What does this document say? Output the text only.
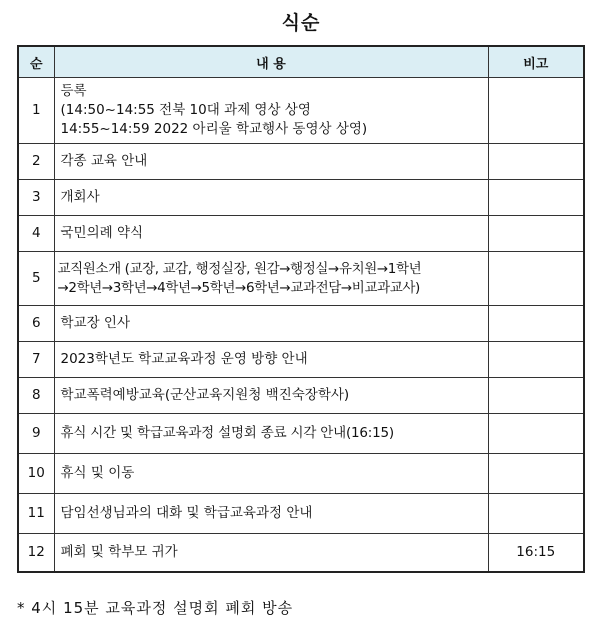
식순
순	내 용	비고
1	등록
(14:50~14:55 전북 10대 과제 영상 상영
14:55~14:59 2022 아리울 학교행사 동영상 상영)	
2	각종 교육 안내	
3	개회사	
4	국민의례 약식	
5	교직원소개 (교장, 교감, 행정실장, 원감→행정실→유치원→1학년
→2학년→3학년→4학년→5학년→6학년→교과전담→비교과교사)	
6	학교장 인사	
7	2023학년도 학교교육과정 운영 방향 안내	
8	학교폭력예방교육(군산교육지원청 백진숙장학사)	
9	휴식 시간 및 학급교육과정 설명회 종료 시각 안내(16:15)	
10	휴식 및 이동	
11	담임선생님과의 대화 및 학급교육과정 안내	
12	폐회 및 학부모 귀가	16:15
* 4시 15분 교육과정 설명회 폐회 방송
